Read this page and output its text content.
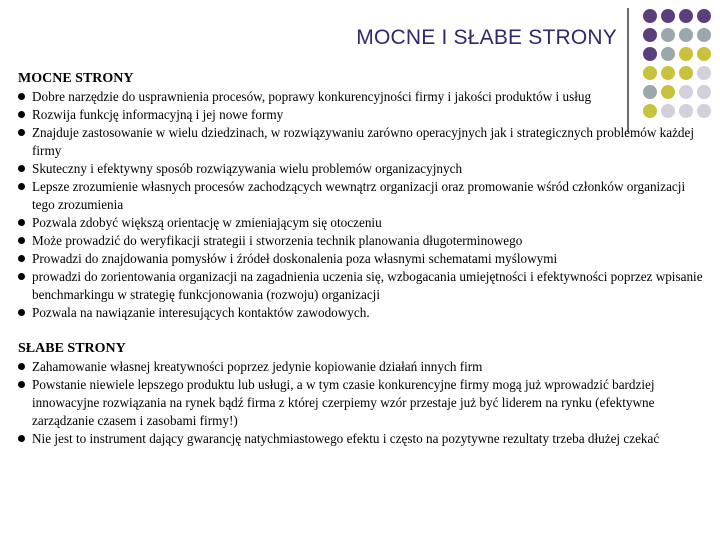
MOCNE I SŁABE STRONY
MOCNE STRONY
Dobre narzędzie do usprawnienia procesów, poprawy konkurencyjności firmy i jakości produktów i usług
Rozwija funkcję informacyjną i jej nowe formy
Znajduje zastosowanie w wielu dziedzinach, w rozwiązywaniu zarówno operacyjnych jak i strategicznych problemów każdej firmy
Skuteczny i efektywny sposób rozwiązywania wielu problemów organizacyjnych
Lepsze zrozumienie własnych procesów zachodzących wewnątrz organizacji oraz promowanie wśród członków organizacji tego zrozumienia
Pozwala zdobyć większą orientację w zmieniającym się otoczeniu
Może prowadzić do weryfikacji strategii i stworzenia technik planowania długoterminowego
Prowadzi do znajdowania pomysłów i źródeł doskonalenia poza własnymi schematami myślowymi
prowadzi do zorientowania organizacji na zagadnienia uczenia się, wzbogacania umiejętności i efektywności poprzez wpisanie benchmarkingu w strategię funkcjonowania (rozwoju) organizacji
Pozwala na nawiązanie interesujących kontaktów zawodowych.
SŁABE STRONY
Zahamowanie własnej kreatywności poprzez jedynie kopiowanie działań innych firm
Powstanie niewiele lepszego produktu lub usługi, a w tym czasie konkurencyjne firmy mogą już wprowadzić bardziej innowacyjne rozwiązania na rynek bądź firma z której czerpiemy wzór przestaje już być liderem na rynku (efektywne zarządzanie czasem i zasobami firmy!)
Nie jest to instrument dający gwarancję natychmiastowego efektu i często na pozytywne rezultaty trzeba dłużej czekać
